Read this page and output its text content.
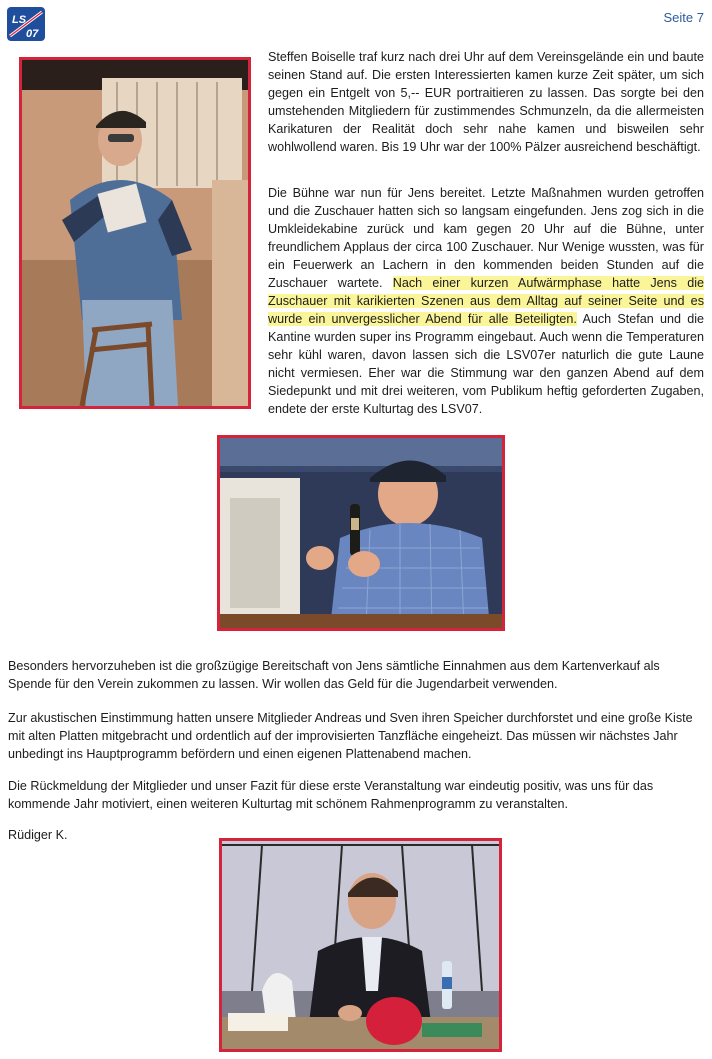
LS
07
Seite 7

Steffen Boiselle traf kurz nach drei Uhr auf dem Vereinsgelände ein und baute seinen Stand auf. Die ersten Interessierten kamen kurze Zeit später, um sich gegen ein Entgelt von 5,-- EUR portraitieren zu lassen. Das sorgte bei den umstehenden Mitgliedern für zustimmendes Schmunzeln, da die allermeisten Karikaturen der Realität doch sehr nahe kamen und bisweilen sehr wohlwollend waren. Bis 19 Uhr war der 100% Pälzer ausreichend beschäftigt.

Die Bühne war nun für Jens bereitet. Letzte Maßnahmen wurden getroffen und die Zuschauer hatten sich so langsam eingefunden. Jens zog sich in die Umkleidekabine zurück und kam gegen 20 Uhr auf die Bühne, unter freundlichem Applaus der circa 100 Zuschauer. Nur Wenige wussten, was für ein Feuerwerk an Lachern in den kommenden beiden Stunden auf die Zuschauer wartete. Nach einer kurzen Aufwärmphase hatte Jens die Zuschauer mit karikierten Szenen aus dem Alltag auf seiner Seite und es wurde ein unvergesslicher Abend für alle Beteiligten. Auch Stefan und die Kantine wurden super ins Programm eingebaut. Auch wenn die Temperaturen sehr kühl waren, davon lassen sich die LSV07er naturlich die gute Laune nicht vermiesen. Eher war die Stimmung war den ganzen Abend auf dem Siedepunkt und mit drei weiteren, vom Publikum heftig geforderten Zugaben, endete der erste Kulturtag des LSV07.

Besonders hervorzuheben ist die großzügige Bereitschaft von Jens sämtliche Einnahmen aus dem Kartenverkauf als Spende für den Verein zukommen zu lassen. Wir wollen das Geld für die Jugendarbeit verwenden.

Zur akustischen Einstimmung hatten unsere Mitglieder Andreas und Sven ihren Speicher durchforstet und eine große Kiste mit alten Platten mitgebracht und ordentlich auf der improvisierten Tanzfläche eingeheizt. Das müssen wir nächstes Jahr unbedingt ins Hauptprogramm befördern und einen eigenen Plattenabend machen.

Die Rückmeldung der Mitglieder und unser Fazit für diese erste Veranstaltung war eindeutig positiv, was uns für das kommende Jahr motiviert, einen weiteren Kulturtag mit schönem Rahmenprogramm zu veranstalten.

Rüdiger K.
